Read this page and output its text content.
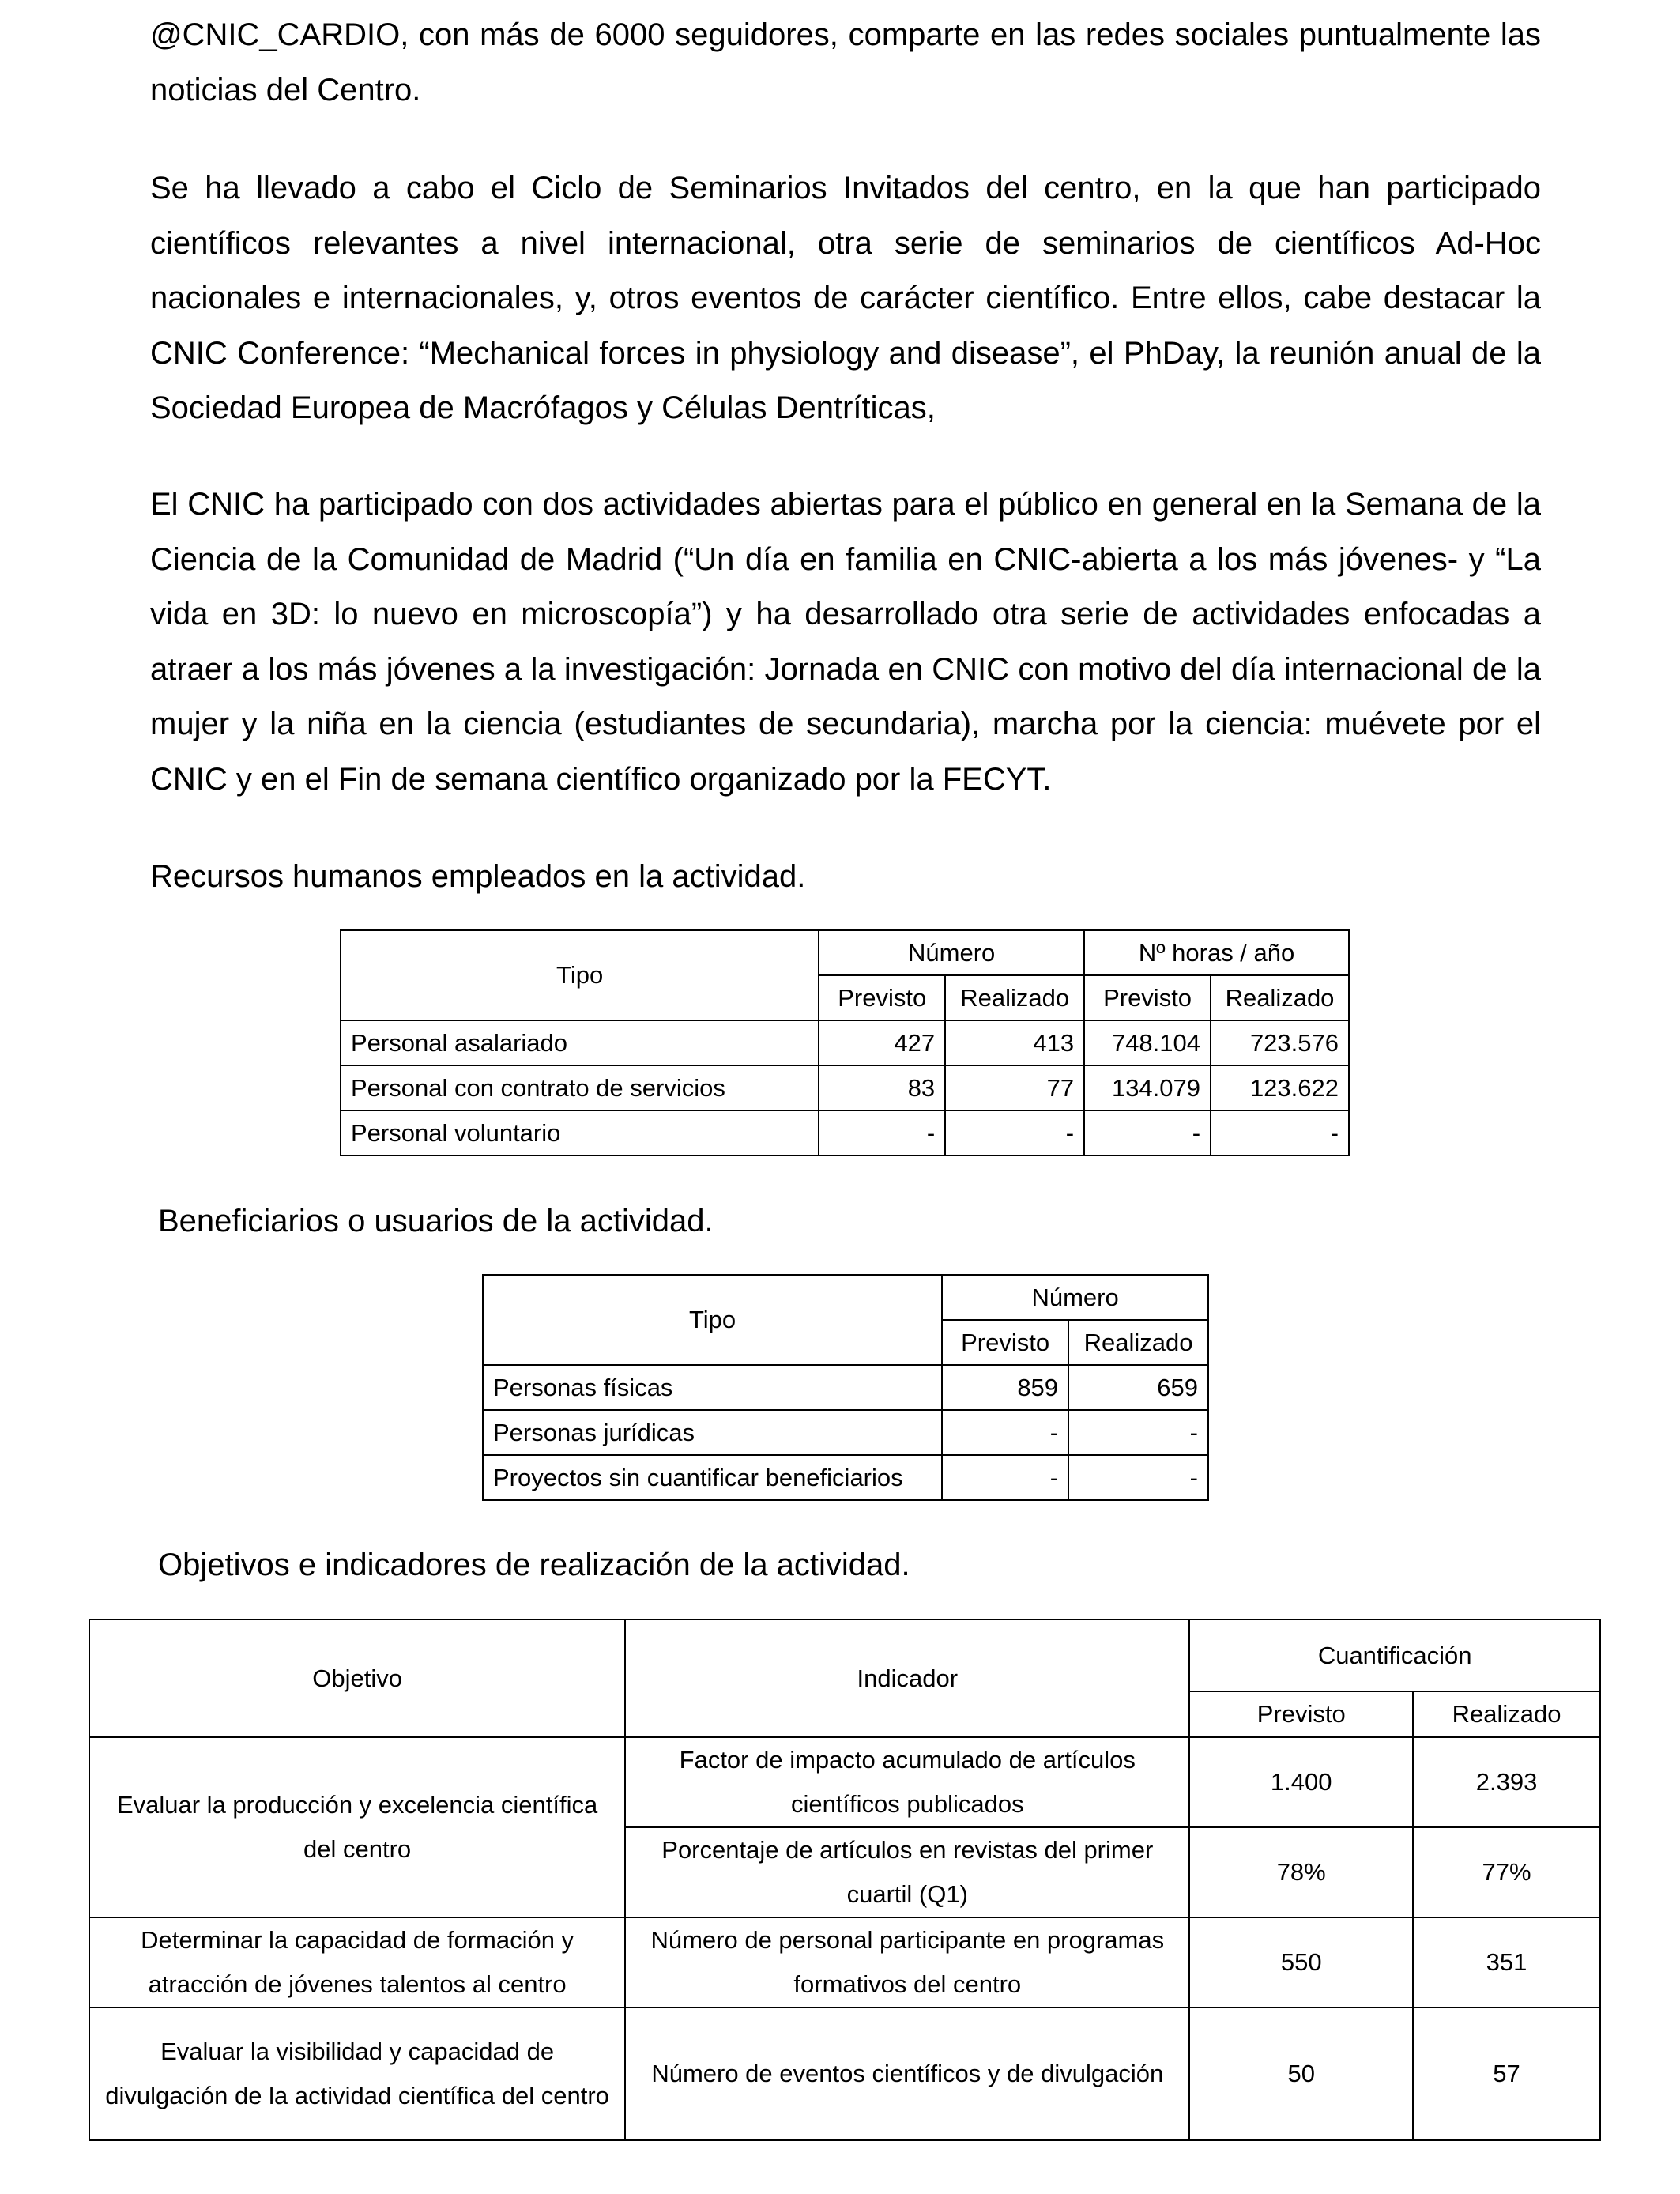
@CNIC_CARDIO, con más de 6000 seguidores, comparte en las redes sociales puntualmente las noticias del Centro.

Se ha llevado a cabo el Ciclo de Seminarios Invitados del centro, en la que han participado científicos relevantes a nivel internacional, otra serie de seminarios de científicos Ad-Hoc nacionales e internacionales, y, otros eventos de carácter científico. Entre ellos, cabe destacar la CNIC Conference: “Mechanical forces in physiology and disease”, el PhDay, la reunión anual de la Sociedad Europea de Macrófagos y Células Dentríticas,

El CNIC ha participado con dos actividades abiertas para el público en general en la Semana de la Ciencia de la Comunidad de Madrid (“Un día en familia en CNIC-abierta a los más jóvenes- y “La vida en 3D: lo nuevo en microscopía”) y ha desarrollado otra serie de actividades enfocadas a atraer a los más jóvenes a la investigación: Jornada en CNIC con motivo del día internacional de la mujer y la niña en la ciencia (estudiantes de secundaria), marcha por la ciencia: muévete por el CNIC y en el Fin de semana científico organizado por la FECYT.

Recursos humanos empleados en la actividad.

Tipo	Número		Nº horas / año	
	Previsto	Realizado	Previsto	Realizado
Personal asalariado	427	413	748.104	723.576
Personal con contrato de servicios	83	77	134.079	123.622
Personal voluntario	-	-	-	-

Beneficiarios o usuarios de la actividad.

Tipo	Número	
	Previsto	Realizado
Personas físicas	859	659
Personas jurídicas	-	-
Proyectos sin cuantificar beneficiarios	-	-

Objetivos e indicadores de realización de la actividad.

Objetivo	Indicador	Cuantificación	
		Previsto	Realizado
Evaluar la producción y excelencia científica del centro	Factor de impacto acumulado de artículos científicos publicados	1.400	2.393
	Porcentaje de artículos en revistas del primer cuartil (Q1)	78%	77%
Determinar la capacidad de formación y atracción de jóvenes talentos al centro	Número de personal participante en programas formativos del centro	550	351
Evaluar la visibilidad y capacidad de divulgación de la actividad científica del centro	Número de eventos científicos y de divulgación	50	57
